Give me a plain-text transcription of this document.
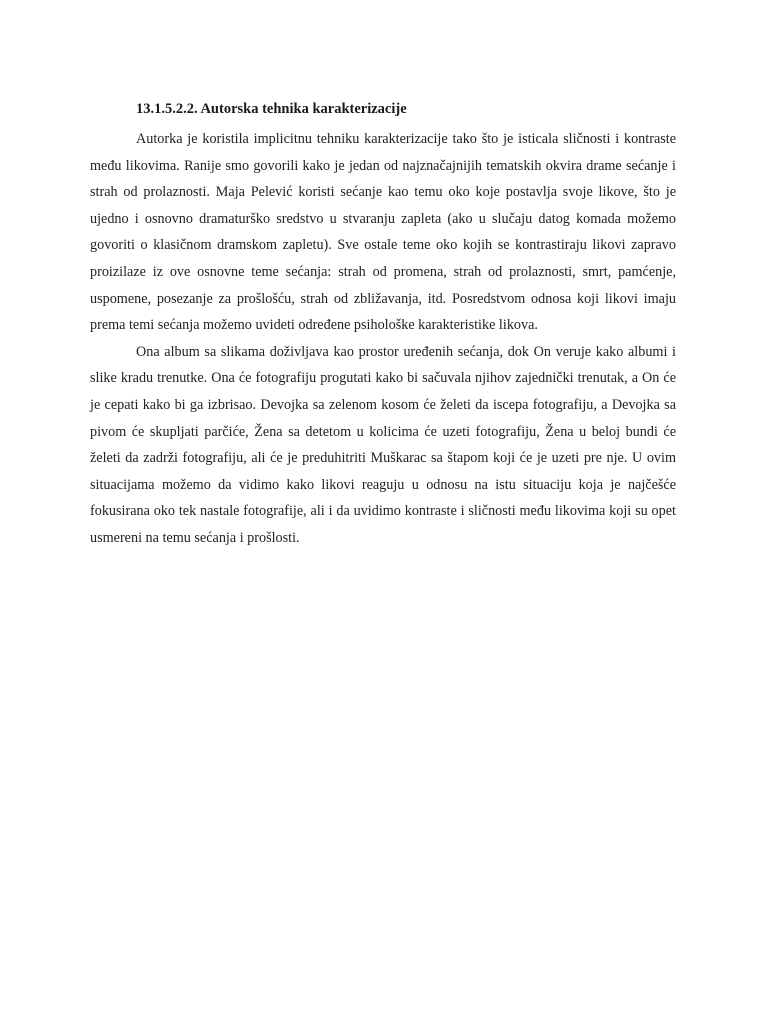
13.1.5.2.2. Autorska tehnika karakterizacije

Autorka je koristila implicitnu tehniku karakterizacije tako što je isticala sličnosti i kontraste među likovima. Ranije smo govorili kako je jedan od najznačajnijih tematskih okvira drame sećanje i strah od prolaznosti. Maja Pelević koristi sećanje kao temu oko koje postavlja svoje likove, što je ujedno i osnovno dramaturško sredstvo u stvaranju zapleta (ako u slučaju datog komada možemo govoriti o klasičnom dramskom zapletu). Sve ostale teme oko kojih se kontrastiraju likovi zapravo proizilaze iz ove osnovne teme sećanja: strah od promena, strah od prolaznosti, smrt, pamćenje, uspomene, posezanje za prošlošću, strah od zbližavanja, itd. Posredstvom odnosa koji likovi imaju prema temi sećanja možemo uvideti određene psihološke karakteristike likova.

Ona album sa slikama doživljava kao prostor uređenih sećanja, dok On veruje kako albumi i slike kradu trenutke. Ona će fotografiju progutati kako bi sačuvala njihov zajednički trenutak, a On će je cepati kako bi ga izbrisao. Devojka sa zelenom kosom će želeti da iscepa fotografiju, a Devojka sa pivom će skupljati parčiće, Žena sa detetom u kolicima će uzeti fotografiju, Žena u beloj bundi će želeti da zadrži fotografiju, ali će je preduhitriti Muškarac sa štapom koji će je uzeti pre nje. U ovim situacijama možemo da vidimo kako likovi reaguju u odnosu na istu situaciju koja je najčešće fokusirana oko tek nastale fotografije, ali i da uvidimo kontraste i sličnosti među likovima koji su opet usmereni na temu sećanja i prošlosti.
